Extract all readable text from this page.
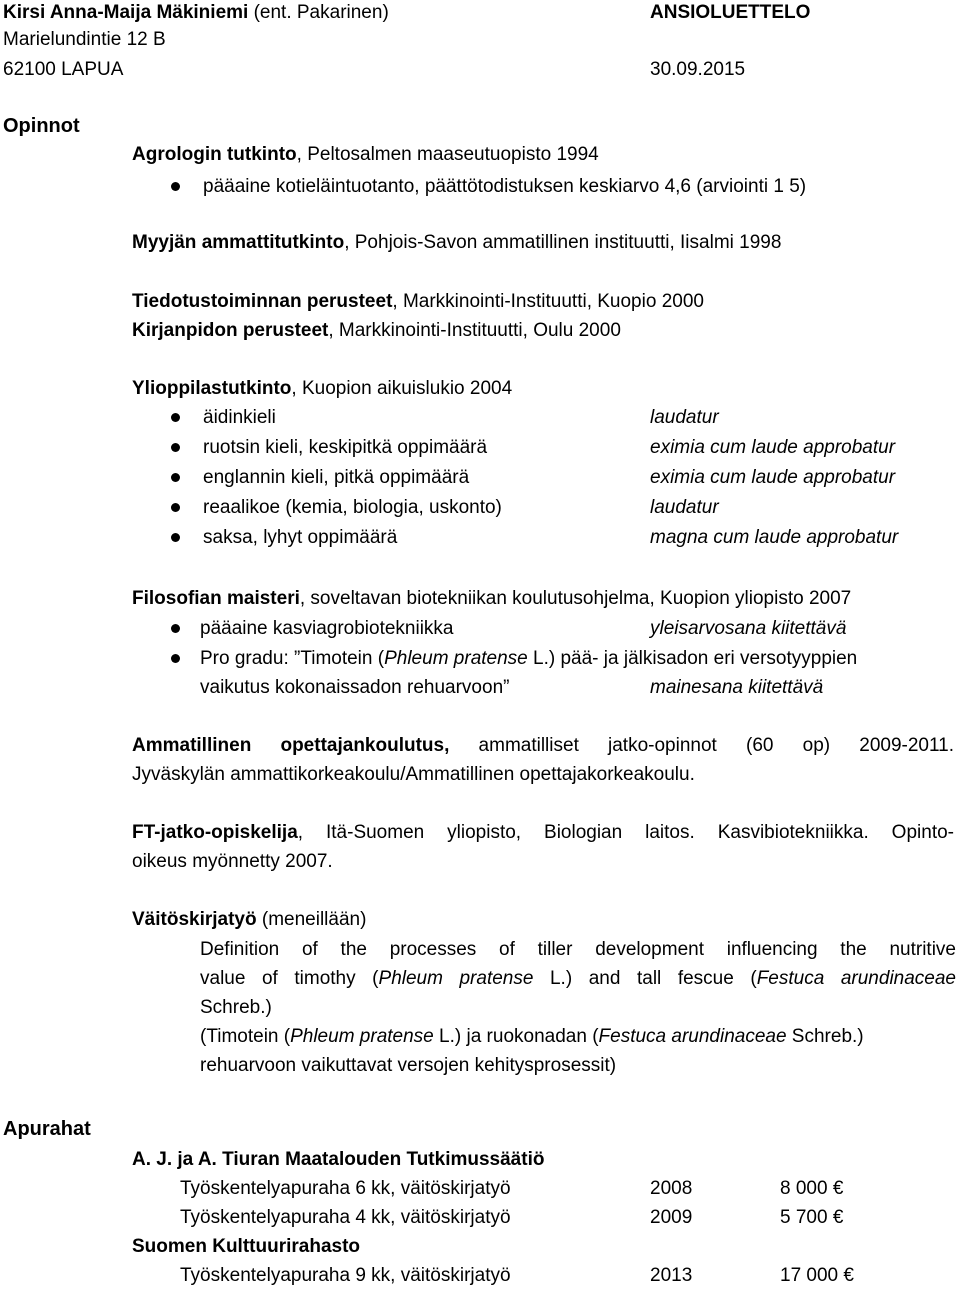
Kirsi Anna-Maija Mäkiniemi (ent. Pakarinen)	ANSIOLUETTELO
Marielundintie 12 B
62100 LAPUA	30.09.2015
Opinnot
Agrologin tutkinto, Peltosalmen maaseutuopisto 1994
pääaine kotieläintuotanto, päättötodistuksen keskiarvo 4,6 (arviointi 1 5)
Myyjän ammattitutkinto, Pohjois-Savon ammatillinen instituutti, Iisalmi 1998
Tiedotustoiminnan perusteet, Markkinointi-Instituutti, Kuopio 2000
Kirjanpidon perusteet, Markkinointi-Instituutti, Oulu 2000
Ylioppilastutkinto, Kuopion aikuislukio 2004
äidinkieli	laudatur
ruotsin kieli, keskipitkä oppimäärä	eximia cum laude approbatur
englannin kieli, pitkä oppimäärä	eximia cum laude approbatur
reaalikoe (kemia, biologia, uskonto)	laudatur
saksa, lyhyt oppimäärä	magna cum laude approbatur
Filosofian maisteri, soveltavan biotekniikan koulutusohjelma, Kuopion yliopisto 2007
pääaine kasviagrobiotekniikka	yleisarvosana kiitettävä
Pro gradu: ”Timotein (Phleum pratense L.) pää- ja jälkisadon eri versotyyppien
vaikutus kokonaissadon rehuarvoon”	mainesana kiitettävä
Ammatillinen opettajankoulutus, ammatilliset jatko-opinnot (60 op) 2009-2011.
Jyväskylän ammattikorkeakoulu/Ammatillinen opettajakorkeakoulu.
FT-jatko-opiskelija, Itä-Suomen yliopisto, Biologian laitos. Kasvibiotekniikka. Opinto-
oikeus myönnetty 2007.
Väitöskirjatyö (meneillään)
Definition of the processes of tiller development influencing the nutritive
value of timothy (Phleum pratense L.) and tall fescue (Festuca arundinaceae
Schreb.)
(Timotein (Phleum pratense L.) ja ruokonadan (Festuca arundinaceae Schreb.)
rehuarvoon vaikuttavat versojen kehitysprosessit)
Apurahat
A. J. ja A. Tiuran Maatalouden Tutkimussäätiö
Työskentelyapuraha 6 kk, väitöskirjatyö	2008	8 000 €
Työskentelyapuraha 4 kk, väitöskirjatyö	2009	5 700 €
Suomen Kulttuurirahasto
Työskentelyapuraha 9 kk, väitöskirjatyö	2013	17 000 €
